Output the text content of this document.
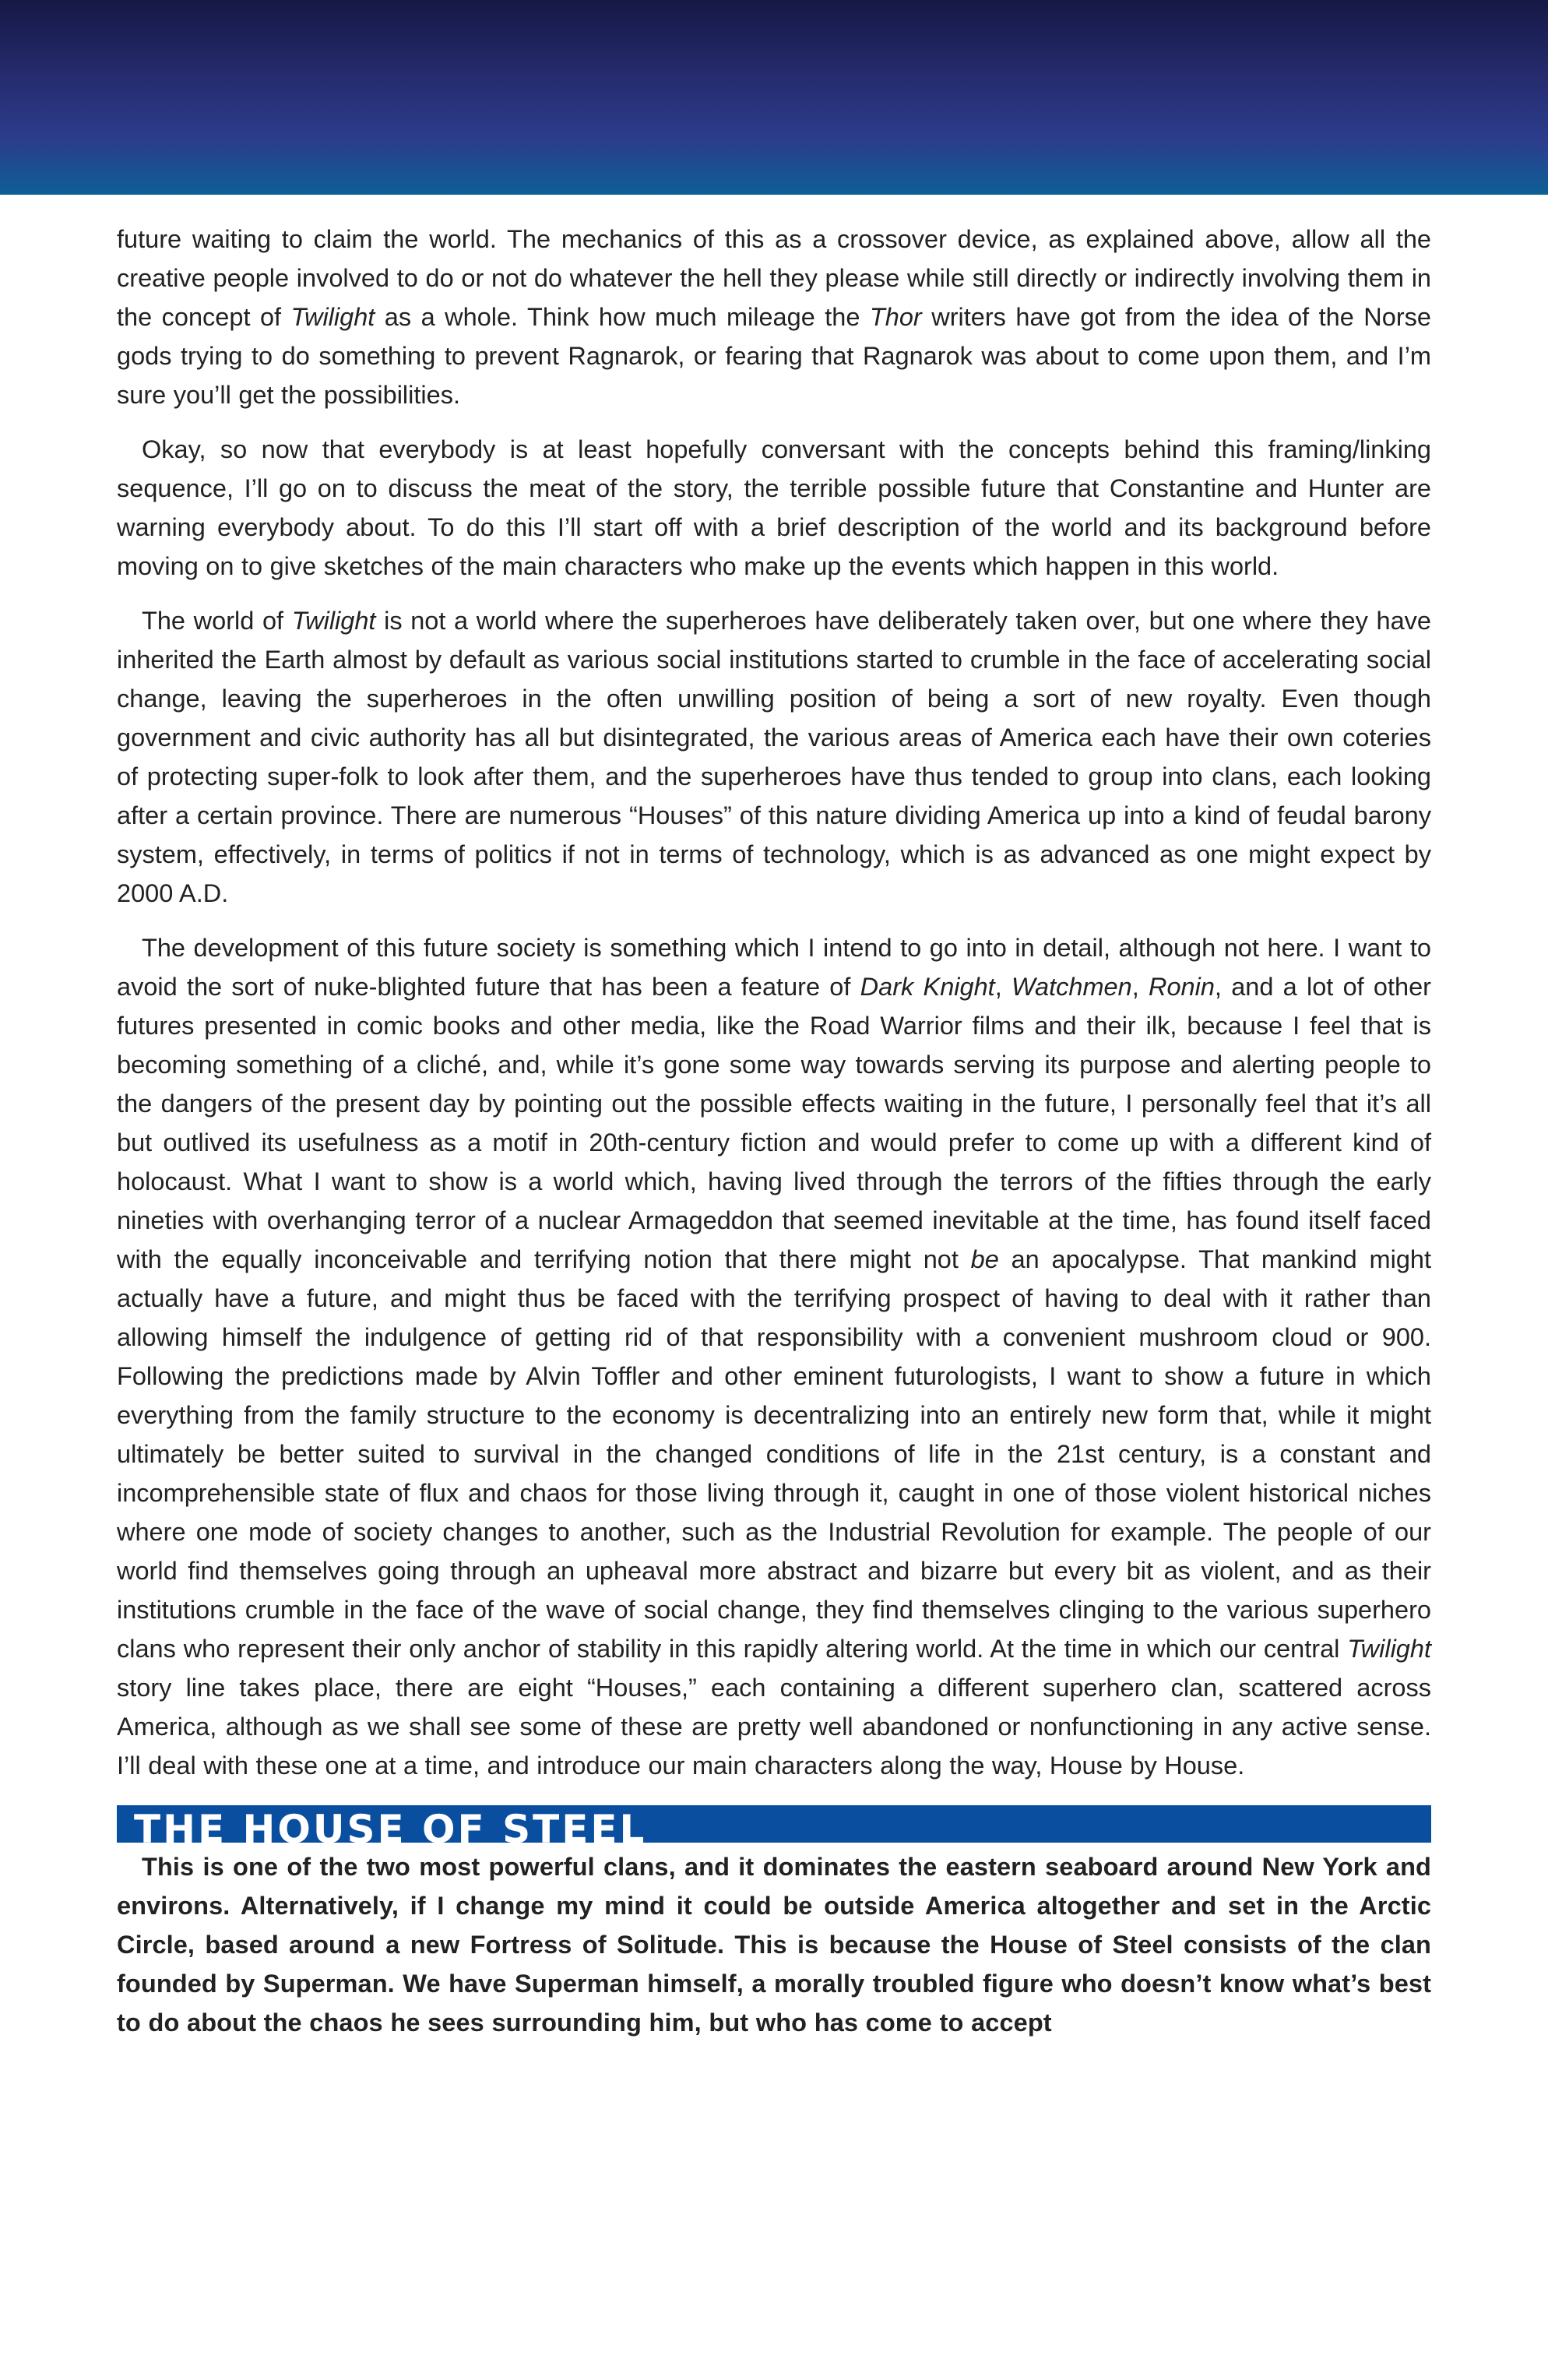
future waiting to claim the world. The mechanics of this as a crossover device, as explained above, allow all the creative people involved to do or not do whatever the hell they please while still directly or indirectly involving them in the concept of Twilight as a whole. Think how much mileage the Thor writers have got from the idea of the Norse gods trying to do something to prevent Ragnarok, or fearing that Ragnarok was about to come upon them, and I’m sure you’ll get the possibilities.

Okay, so now that everybody is at least hopefully conversant with the concepts behind this framing/linking sequence, I’ll go on to discuss the meat of the story, the terrible possible future that Constantine and Hunter are warning everybody about. To do this I’ll start off with a brief description of the world and its background before moving on to give sketches of the main characters who make up the events which happen in this world.

The world of Twilight is not a world where the superheroes have deliberately taken over, but one where they have inherited the Earth almost by default as various social institutions started to crumble in the face of accelerating social change, leaving the superheroes in the often unwilling position of being a sort of new royalty. Even though government and civic authority has all but disintegrated, the various areas of America each have their own coteries of protecting super-folk to look after them, and the superheroes have thus tended to group into clans, each looking after a certain province. There are numerous “Houses” of this nature dividing America up into a kind of feudal barony system, effectively, in terms of politics if not in terms of technology, which is as advanced as one might expect by 2000 A.D.

The development of this future society is something which I intend to go into in detail, although not here. I want to avoid the sort of nuke-blighted future that has been a feature of Dark Knight, Watchmen, Ronin, and a lot of other futures presented in comic books and other media, like the Road Warrior films and their ilk, because I feel that is becoming something of a cliché, and, while it’s gone some way towards serving its purpose and alerting people to the dangers of the present day by pointing out the possible effects waiting in the future, I personally feel that it’s all but outlived its usefulness as a motif in 20th-century fiction and would prefer to come up with a different kind of holocaust. What I want to show is a world which, having lived through the terrors of the fifties through the early nineties with overhanging terror of a nuclear Armageddon that seemed inevitable at the time, has found itself faced with the equally inconceivable and terrifying notion that there might not be an apocalypse. That mankind might actually have a future, and might thus be faced with the terrifying prospect of having to deal with it rather than allowing himself the indulgence of getting rid of that responsibility with a convenient mushroom cloud or 900. Following the predictions made by Alvin Toffler and other eminent futurologists, I want to show a future in which everything from the family structure to the economy is decentralizing into an entirely new form that, while it might ultimately be better suited to survival in the changed conditions of life in the 21st century, is a constant and incomprehensible state of flux and chaos for those living through it, caught in one of those violent historical niches where one mode of society changes to another, such as the Industrial Revolution for example. The people of our world find themselves going through an upheaval more abstract and bizarre but every bit as violent, and as their institutions crumble in the face of the wave of social change, they find themselves clinging to the various superhero clans who represent their only anchor of stability in this rapidly altering world. At the time in which our central Twilight story line takes place, there are eight “Houses,” each containing a different superhero clan, scattered across America, although as we shall see some of these are pretty well abandoned or nonfunctioning in any active sense. I’ll deal with these one at a time, and introduce our main characters along the way, House by House.

THE HOUSE OF STEEL

This is one of the two most powerful clans, and it dominates the eastern seaboard around New York and environs. Alternatively, if I change my mind it could be outside America altogether and set in the Arctic Circle, based around a new Fortress of Solitude. This is because the House of Steel consists of the clan founded by Superman. We have Superman himself, a morally troubled figure who doesn’t know what’s best to do about the chaos he sees surrounding him, but who has come to accept
